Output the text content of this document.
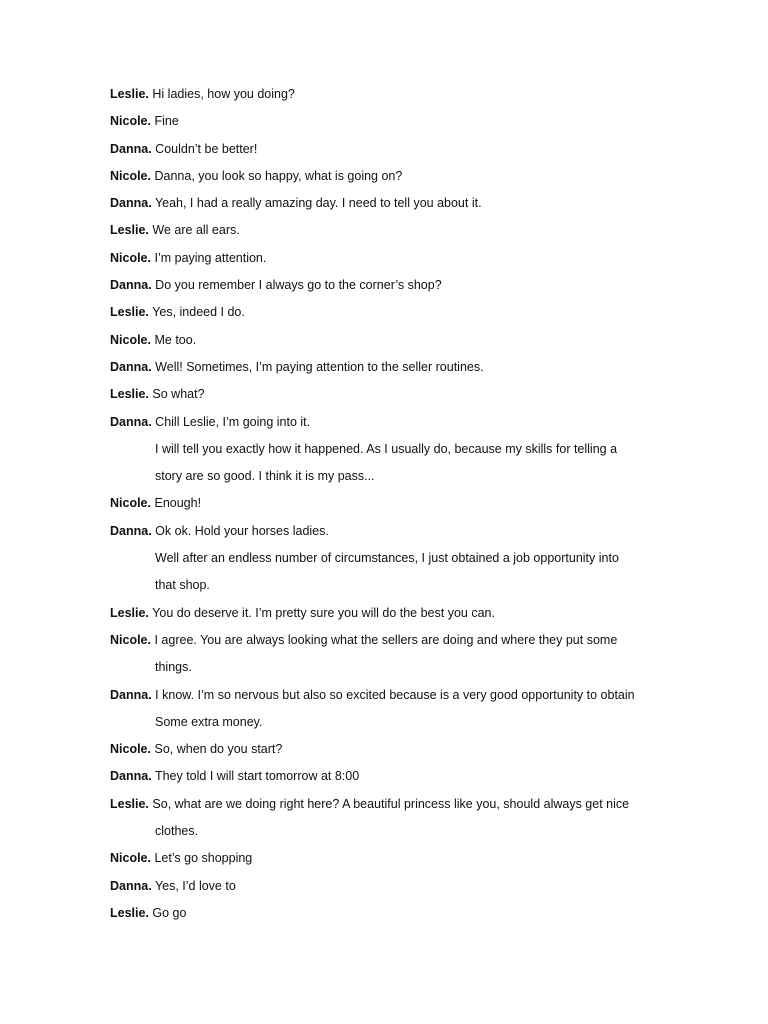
Leslie. Hi ladies, how you doing?
Nicole. Fine
Danna. Couldn’t be better!
Nicole. Danna, you look so happy, what is going on?
Danna. Yeah, I had a really amazing day. I need to tell you about it.
Leslie. We are all ears.
Nicole. I’m paying attention.
Danna. Do you remember I always go to the corner’s shop?
Leslie. Yes, indeed I do.
Nicole. Me too.
Danna. Well! Sometimes, I’m paying attention to the seller routines.
Leslie. So what?
Danna. Chill Leslie, I’m going into it.
I will tell you exactly how it happened. As I usually do, because my skills for telling a
story are so good. I think it is my pass...
Nicole. Enough!
Danna. Ok ok. Hold your horses ladies.
Well after an endless number of circumstances, I just obtained a job opportunity into
that shop.
Leslie. You do deserve it. I’m pretty sure you will do the best you can.
Nicole. I agree. You are always looking what the sellers are doing and where they put some
things.
Danna. I know. I’m so nervous but also so excited because is a very good opportunity to obtain
Some extra money.
Nicole. So, when do you start?
Danna. They told I will start tomorrow at 8:00
Leslie. So, what are we doing right here? A beautiful princess like you, should always get nice
clothes.
Nicole. Let’s go shopping
Danna. Yes, I’d love to
Leslie. Go go
